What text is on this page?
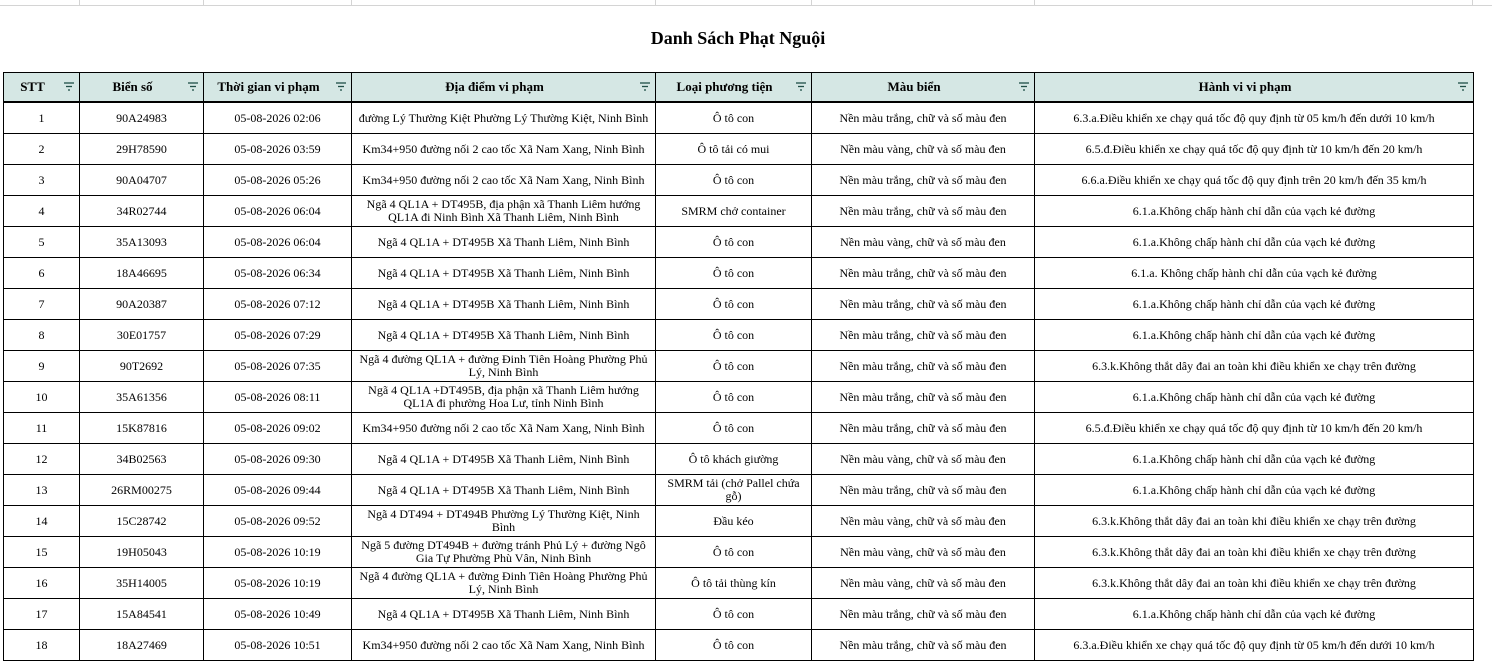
Danh Sách Phạt Nguội
STT	Biển số	Thời gian vi phạm	Địa điểm vi phạm	Loại phương tiện	Màu biển	Hành vi vi phạm

1	90A24983	05-08-2026 02:06	đường Lý Thường Kiệt Phường Lý Thường Kiệt, Ninh Bình	Ô tô con	Nền màu trắng, chữ và số màu đen	6.3.a.Điều khiển xe chạy quá tốc độ quy định từ 05 km/h đến dưới 10 km/h
2	29H78590	05-08-2026 03:59	Km34+950 đường nối 2 cao tốc Xã Nam Xang, Ninh Bình	Ô tô tải có mui	Nền màu vàng, chữ và số màu đen	6.5.đ.Điều khiển xe chạy quá tốc độ quy định từ 10 km/h đến 20 km/h
3	90A04707	05-08-2026 05:26	Km34+950 đường nối 2 cao tốc Xã Nam Xang, Ninh Bình	Ô tô con	Nền màu trắng, chữ và số màu đen	6.6.a.Điều khiển xe chạy quá tốc độ quy định trên 20 km/h đến 35 km/h
4	34R02744	05-08-2026 06:04	Ngã 4 QL1A + DT495B, địa phận xã Thanh Liêm hướng QL1A đi Ninh Bình Xã Thanh Liêm, Ninh Bình	SMRM chở container	Nền màu trắng, chữ và số màu đen	6.1.a.Không chấp hành chỉ dẫn của vạch kẻ đường
5	35A13093	05-08-2026 06:04	Ngã 4 QL1A + DT495B Xã Thanh Liêm, Ninh Bình	Ô tô con	Nền màu vàng, chữ và số màu đen	6.1.a.Không chấp hành chỉ dẫn của vạch kẻ đường
6	18A46695	05-08-2026 06:34	Ngã 4 QL1A + DT495B Xã Thanh Liêm, Ninh Bình	Ô tô con	Nền màu trắng, chữ và số màu đen	6.1.a. Không chấp hành chỉ dẫn của vạch kẻ đường
7	90A20387	05-08-2026 07:12	Ngã 4 QL1A + DT495B Xã Thanh Liêm, Ninh Bình	Ô tô con	Nền màu trắng, chữ và số màu đen	6.1.a.Không chấp hành chỉ dẫn của vạch kẻ đường
8	30E01757	05-08-2026 07:29	Ngã 4 QL1A + DT495B Xã Thanh Liêm, Ninh Bình	Ô tô con	Nền màu trắng, chữ và số màu đen	6.1.a.Không chấp hành chỉ dẫn của vạch kẻ đường
9	90T2692	05-08-2026 07:35	Ngã 4 đường QL1A + đường Đinh Tiên Hoàng Phường Phủ Lý, Ninh Bình	Ô tô con	Nền màu trắng, chữ và số màu đen	6.3.k.Không thắt dây đai an toàn khi điều khiển xe chạy trên đường
10	35A61356	05-08-2026 08:11	Ngã 4 QL1A +DT495B, địa phận xã Thanh Liêm hướng QL1A đi phường Hoa Lư, tỉnh Ninh Bình	Ô tô con	Nền màu trắng, chữ và số màu đen	6.1.a.Không chấp hành chỉ dẫn của vạch kẻ đường
11	15K87816	05-08-2026 09:02	Km34+950 đường nối 2 cao tốc Xã Nam Xang, Ninh Bình	Ô tô con	Nền màu trắng, chữ và số màu đen	6.5.đ.Điều khiển xe chạy quá tốc độ quy định từ 10 km/h đến 20 km/h
12	34B02563	05-08-2026 09:30	Ngã 4 QL1A + DT495B Xã Thanh Liêm, Ninh Bình	Ô tô khách giường	Nền màu vàng, chữ và số màu đen	6.1.a.Không chấp hành chỉ dẫn của vạch kẻ đường
13	26RM00275	05-08-2026 09:44	Ngã 4 QL1A + DT495B Xã Thanh Liêm, Ninh Bình	SMRM tải (chở Pallel chứa gỗ)	Nền màu trắng, chữ và số màu đen	6.1.a.Không chấp hành chỉ dẫn của vạch kẻ đường
14	15C28742	05-08-2026 09:52	Ngã 4 DT494 + DT494B Phường Lý Thường Kiệt, Ninh Bình	Đầu kéo	Nền màu vàng, chữ và số màu đen	6.3.k.Không thắt dây đai an toàn khi điều khiển xe chạy trên đường
15	19H05043	05-08-2026 10:19	Ngã 5 đường DT494B + đường tránh Phủ Lý + đường Ngô Gia Tự Phường Phù Vân, Ninh Bình	Ô tô con	Nền màu vàng, chữ và số màu đen	6.3.k.Không thắt dây đai an toàn khi điều khiển xe chạy trên đường
16	35H14005	05-08-2026 10:19	Ngã 4 đường QL1A + đường Đinh Tiên Hoàng Phường Phủ Lý, Ninh Bình	Ô tô tải thùng kín	Nền màu vàng, chữ và số màu đen	6.3.k.Không thắt dây đai an toàn khi điều khiển xe chạy trên đường
17	15A84541	05-08-2026 10:49	Ngã 4 QL1A + DT495B Xã Thanh Liêm, Ninh Bình	Ô tô con	Nền màu trắng, chữ và số màu đen	6.1.a.Không chấp hành chỉ dẫn của vạch kẻ đường
18	18A27469	05-08-2026 10:51	Km34+950 đường nối 2 cao tốc Xã Nam Xang, Ninh Bình	Ô tô con	Nền màu trắng, chữ và số màu đen	6.3.a.Điều khiển xe chạy quá tốc độ quy định từ 05 km/h đến dưới 10 km/h
